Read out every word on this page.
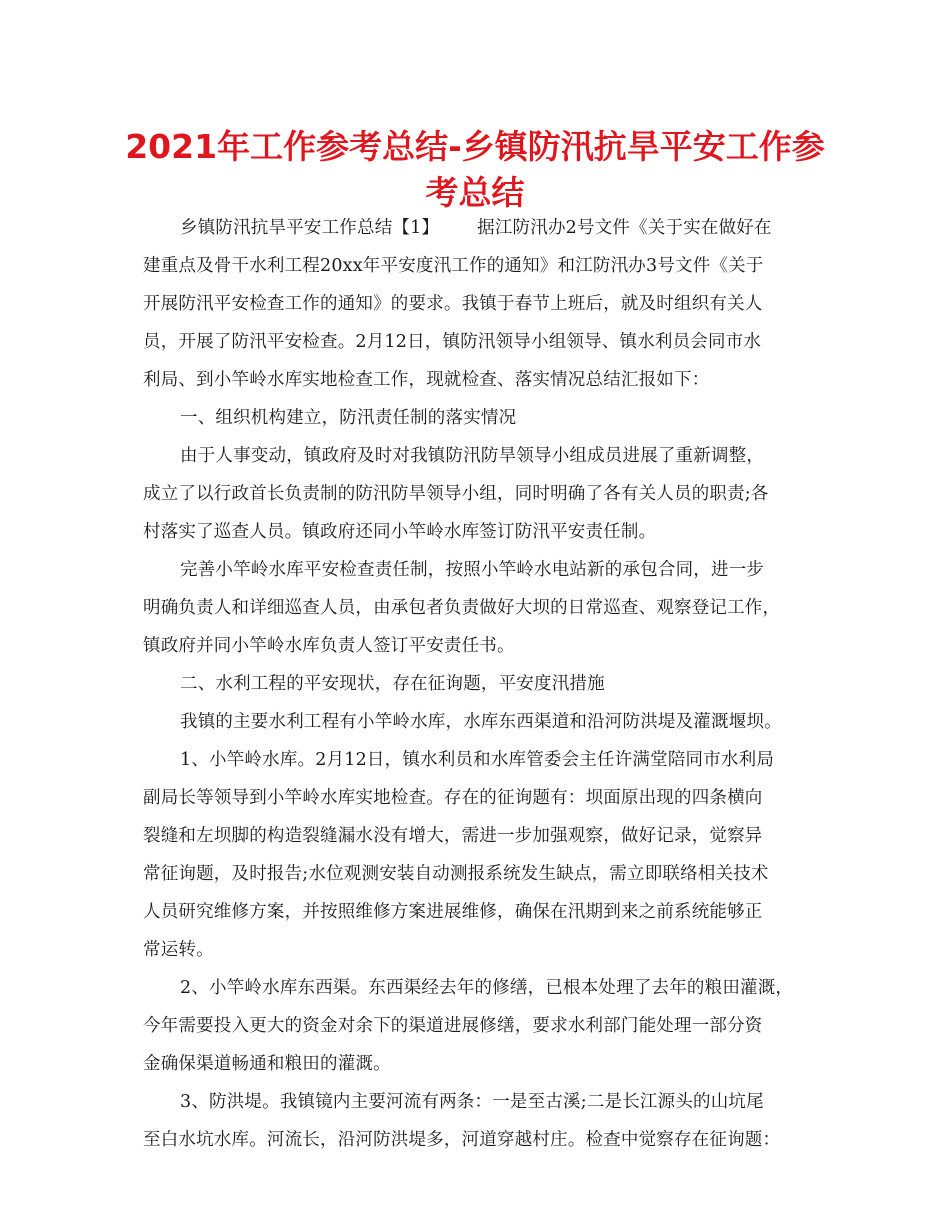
2021年工作参考总结-乡镇防汛抗旱平安工作参
考总结
乡镇防汛抗旱平安工作总结【1】 据江防汛办2号文件《关于实在做好在
建重点及骨干水利工程20xx年平安度汛工作的通知》和江防汛办3号文件《关于
开展防汛平安检查工作的通知》的要求。我镇于春节上班后，就及时组织有关人
员，开展了防汛平安检查。2月12日，镇防汛领导小组领导、镇水利员会同市水
利局、到小竿岭水库实地检查工作，现就检查、落实情况总结汇报如下：
一、组织机构建立，防汛责任制的落实情况
由于人事变动，镇政府及时对我镇防汛防旱领导小组成员进展了重新调整，
成立了以行政首长负责制的防汛防旱领导小组，同时明确了各有关人员的职责;各
村落实了巡查人员。镇政府还同小竿岭水库签订防汛平安责任制。
完善小竿岭水库平安检查责任制，按照小竿岭水电站新的承包合同，进一步
明确负责人和详细巡查人员，由承包者负责做好大坝的日常巡查、观察登记工作，
镇政府并同小竿岭水库负责人签订平安责任书。
二、水利工程的平安现状，存在征询题，平安度汛措施
我镇的主要水利工程有小竿岭水库，水库东西渠道和沿河防洪堤及灌溉堰坝。
1、小竿岭水库。2月12日，镇水利员和水库管委会主任许满堂陪同市水利局
副局长等领导到小竿岭水库实地检查。存在的征询题有：坝面原出现的四条横向
裂缝和左坝脚的构造裂缝漏水没有增大，需进一步加强观察，做好记录，觉察异
常征询题，及时报告;水位观测安装自动测报系统发生缺点，需立即联络相关技术
人员研究维修方案，并按照维修方案进展维修，确保在汛期到来之前系统能够正
常运转。
2、小竿岭水库东西渠。东西渠经去年的修缮，已根本处理了去年的粮田灌溉，
今年需要投入更大的资金对余下的渠道进展修缮，要求水利部门能处理一部分资
金确保渠道畅通和粮田的灌溉。
3、防洪堤。我镇镜内主要河流有两条：一是至古溪;二是长江源头的山坑尾
至白水坑水库。河流长，沿河防洪堤多，河道穿越村庄。检查中觉察存在征询题：
